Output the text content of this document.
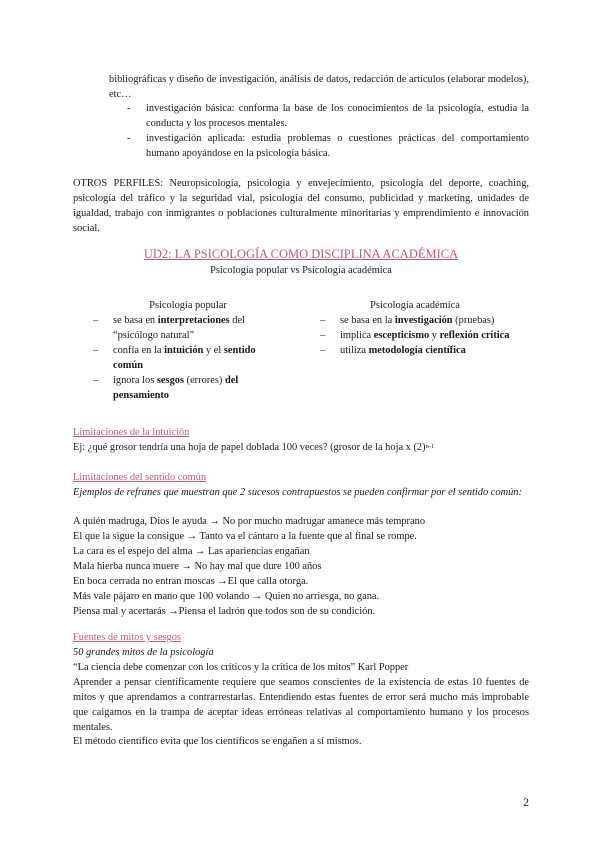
bibliográficas y diseño de investigación, análisis de datos, redacción de artículos (elaborar modelos), etc…

-	investigación básica: conforma la base de los conocimientos de la psicología, estudia la conducta y los procesos mentales.
-	investigación aplicada: estudia problemas o cuestiones prácticas del comportamiento humano apoyándose en la psicología básica.

OTROS PERFILES: Neuropsicología, psicología y envejecimiento, psicología del deporte, coaching, psicología del tráfico y la seguridad vial, psicología del consumo, publicidad y marketing, unidades de igualdad, trabajo con inmigrantes o poblaciones culturalmente minoritarias y emprendimiento e innovación social.

UD2: LA PSICOLOGÍA COMO DISCIPLINA ACADÉMICA
Psicología popular vs Psicología académica
Psicología popular
– se basa en interpretaciones del “psicólogo natural”
– confía en la intuición y el sentido común
– ignora los sesgos (errores) del pensamiento
Psicología académica
– se basa en la investigación (pruebas)
– implica escepticismo y reflexión crítica
– utiliza metodología científica
Limitaciones de la intuición
Ej: ¿qué grosor tendría una hoja de papel doblada 100 veces? (grosor de la hoja x $(2)^{n-1}$
Limitaciones del sentido común
Ejemplos de refranes que muestran que 2 sucesos contrapuestos se pueden confirmar por el sentido común:
A quién madruga, Dios le ayuda → No por mucho madrugar amanece más temprano
El que la sigue la consigue → Tanto va el cántaro a la fuente que al final se rompe.
La cara es el espejo del alma → Las apariencias engañan
Mala hierba nunca muere → No hay mal que dure 100 años
En boca cerrada no entran moscas →El que calla otorga.
Más vale pájaro en mano que 100 volando → Quien no arriesga, no gana.
Piensa mal y acertarás →Piensa el ladrón que todos son de su condición.
Fuentes de mitos y sesgos
50 grandes mitos de la psicología
“La ciencia debe comenzar con los críticos y la crítica de los mitos” Karl Popper
Aprender a pensar científicamente requiere que seamos conscientes de la existencia de estas 10 fuentes de mitos y que aprendamos a contrarrestarlas. Entendiendo estas fuentes de error será mucho más improbable que caigamos en la trampa de aceptar ideas erróneas relativas al comportamiento humano y los procesos mentales.
El método científico evita que los científicos se engañen a sí mismos.
2
